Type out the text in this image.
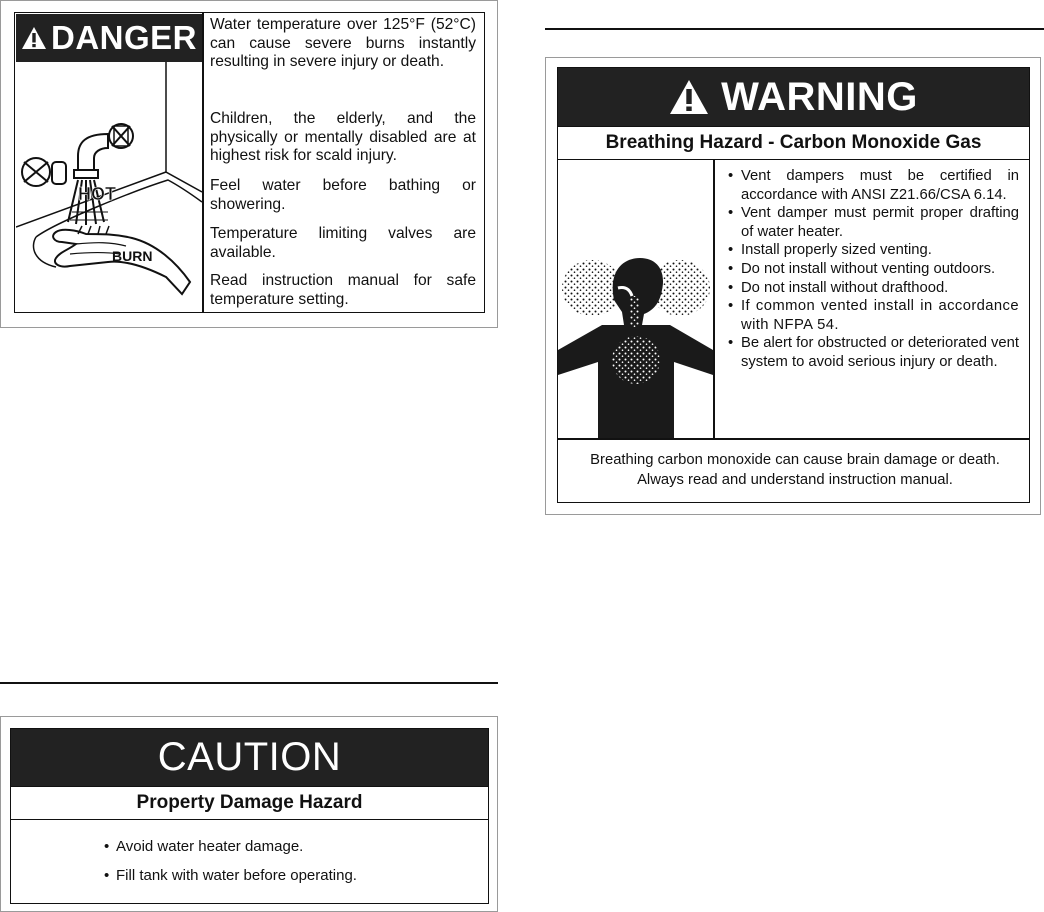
DANGER
HOT
BURN
Water temperature over 125°F (52°C) can cause severe burns instantly resulting in severe injury or death.
Children, the elderly, and the physically or mentally disabled are at highest risk for scald injury.
Feel water before bathing or showering.
Temperature limiting valves are available.
Read instruction manual for safe temperature setting.
WARNING
Breathing Hazard - Carbon Monoxide Gas
• Vent dampers must be certified in accordance with ANSI Z21.66/CSA 6.14.
• Vent damper must permit proper drafting of water heater.
• Install properly sized venting.
• Do not install without venting outdoors.
• Do not install without drafthood.
• If common vented install in accordance with NFPA 54.
• Be alert for obstructed or deteriorated vent system to avoid serious injury or death.
Breathing carbon monoxide can cause brain damage or death. Always read and understand instruction manual.
CAUTION
Property Damage Hazard
• Avoid water heater damage.
• Fill tank with water before operating.
